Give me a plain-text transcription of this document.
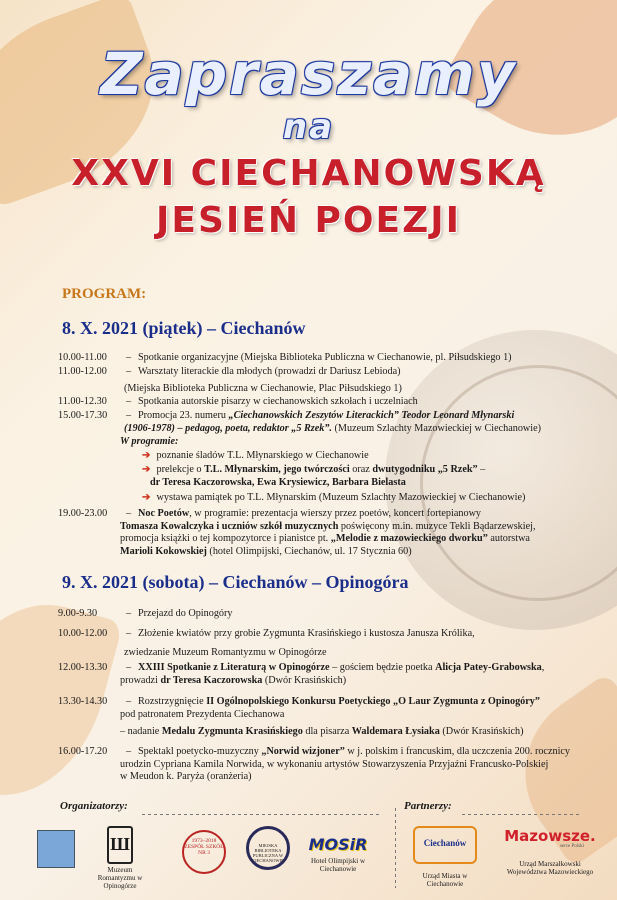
Zapraszamy
na
XXVI CIECHANOWSKĄ
JESIEŃ POEZJI
PROGRAM:
8. X. 2021 (piątek) – Ciechanów
10.00-11.00 – Spotkanie organizacyjne (Miejska Biblioteka Publiczna w Ciechanowie, pl. Piłsudskiego 1)
11.00-12.00 – Warsztaty literackie dla młodych (prowadzi dr Dariusz Lebioda)
(Miejska Biblioteka Publiczna w Ciechanowie, Plac Piłsudskiego 1)
11.00-12.30 – Spotkania autorskie pisarzy w ciechanowskich szkołach i uczelniach
15.00-17.30 – Promocja 23. numeru „Ciechanowskich Zeszytów Literackich” Teodor Leonard Młynarski
(1906-1978) – pedagog, poeta, redaktor „5 Rzek”. (Muzeum Szlachty Mazowieckiej w Ciechanowie)
W programie:
➔ poznanie śladów T.L. Młynarskiego w Ciechanowie
➔ prelekcje o T.L. Młynarskim, jego twórczości oraz dwutygodniku „5 Rzek” –
dr Teresa Kaczorowska, Ewa Krysiewicz, Barbara Bielasta
➔ wystawa pamiątek po T.L. Młynarskim (Muzeum Szlachty Mazowieckiej w Ciechanowie)
19.00-23.00 – Noc Poetów, w programie: prezentacja wierszy przez poetów, koncert fortepianowy
Tomasza Kowalczyka i uczniów szkół muzycznych poświęcony m.in. muzyce Tekli Bądarzewskiej,
promocja książki o tej kompozytorce i pianistce pt. „Melodie z mazowieckiego dworku” autorstwa
Marioli Kokowskiej (hotel Olimpijski, Ciechanów, ul. 17 Stycznia 60)
9. X. 2021 (sobota) – Ciechanów – Opinogóra
9.00-9.30	– Przejazd do Opinogóry
10.00-12.00 – Złożenie kwiatów przy grobie Zygmunta Krasińskiego i kustosza Janusza Królika,
zwiedzanie Muzeum Romantyzmu w Opinogórze
12.00-13.30 – XXIII Spotkanie z Literaturą w Opinogórze – gościem będzie poetka Alicja Patey-Grabowska,
prowadzi dr Teresa Kaczorowska (Dwór Krasińskich)
13.30-14.30 – Rozstrzygnięcie II Ogólnopolskiego Konkursu Poetyckiego „O Laur Zygmunta z Opinogóry”
pod patronatem Prezydenta Ciechanowa
– nadanie Medalu Zygmunta Krasińskiego dla pisarza Waldemara Łysiaka (Dwór Krasińskich)
16.00-17.20 – Spektakl poetycko-muzyczny „Norwid wizjoner” w j. polskim i francuskim, dla uczczenia 200. rocznicy
urodzin Cypriana Kamila Norwida, w wykonaniu artystów Stowarzyszenia Przyjaźni Francusko-Polskiej
w Meudon k. Paryża (oranżeria)
Organizatorzy:	Partnerzy:
Ш
Muzeum Romantyzmu w Opinogórze
1973–2018
ZESPÓŁ SZKÓŁ NR 3
MIEJSKA BIBLIOTEKA PUBLICZNA W CIECHANOWIE
MOSiR
Hotel Olimpijski w Ciechanowie
Ciechanów
Urząd Miasta w Ciechanowie
Mazowsze.
serce Polski
Urząd Marszałkowski Województwa Mazowieckiego
